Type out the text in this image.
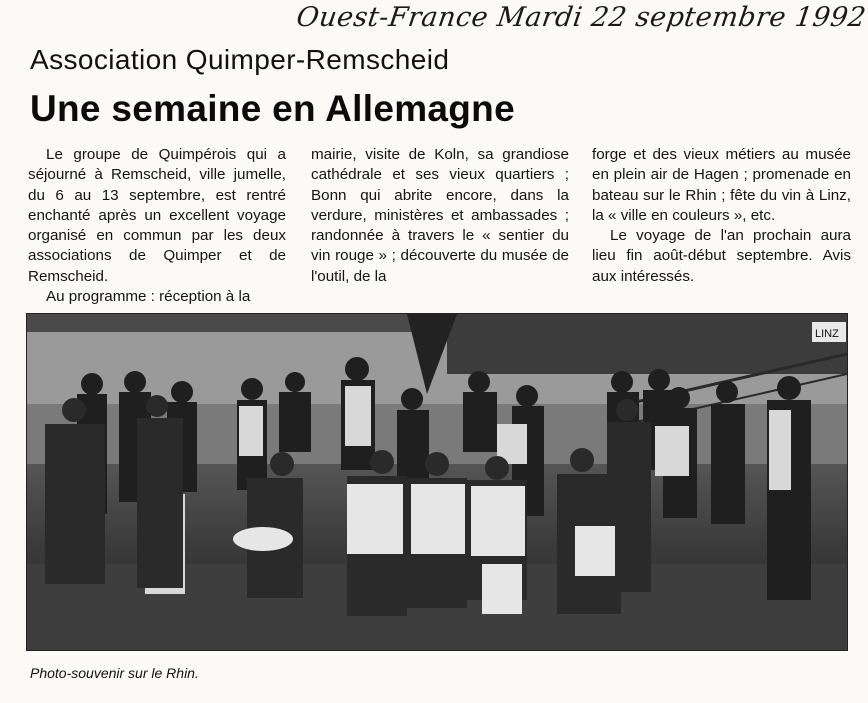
Ouest-France Mardi 22 septembre 1992
Association Quimper-Remscheid
Une semaine en Allemagne

Le groupe de Quimpérois qui a séjourné à Remscheid, ville jumelle, du 6 au 13 septembre, est rentré enchanté après un excellent voyage organisé en commun par les deux associations de Quimper et de Remscheid.

Au programme : réception à la

mairie, visite de Koln, sa grandiose cathédrale et ses vieux quartiers ; Bonn qui abrite encore, dans la verdure, ministères et ambassades ; randonnée à travers le « sentier du vin rouge » ; découverte du musée de l'outil, de la

forge et des vieux métiers au musée en plein air de Hagen ; promenade en bateau sur le Rhin ; fête du vin à Linz, la « ville en couleurs », etc.

Le voyage de l'an prochain aura lieu fin août-début septembre. Avis aux intéressés.

LINZ
Photo-souvenir sur le Rhin.
